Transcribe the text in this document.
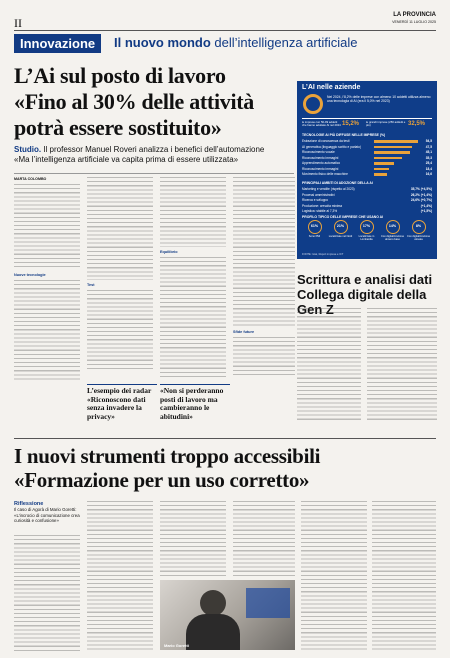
II
LA PROVINCIA
VENERDÌ 11 LUGLIO 2025
Innovazione	Il nuovo mondo dell’intelligenza artificiale
L’Ai sul posto di lavoro
«Fino al 30% delle attività
potrà essere sostituito»
Studio. Il professor Manuel Roveri analizza i benefici dell’automazione
«Ma l’intelligenza artificiale va capita prima di essere utilizzata»
MARTA COLOMBO
Nuove tecnologie
Test
Equilibrio
Sfide future
L’esempio dei radar «Riconoscono dati senza invadere la privacy»
«Non si perderanno posti di lavoro ma cambieranno le abitudini»
L’AI nelle aziende
Nel 2024, l’8,2% delle imprese con almeno 10 addetti utilizza almeno una tecnologia di AI (era il 5,0% nel 2023)
le imprese con 50-99 addetti che hanno adottato AI nel 2024 15,2% le grandi imprese (250 addetti e più)	32,5%
TECNOLOGIE AI PIÙ DIFFUSE NELLE IMPRESE (%)
Estrazione di conoscenza da testi	54,5
AI generativa (linguaggio scritto e parlato)	47,5
Riconoscimento vocale	45,1
Riconoscimento immagini	35,3
Apprendimento automatico	25,4
Riconoscimento immagini	18,4
Movimento fisico delle macchine	16,6
PRINCIPALI AMBITI DI ADOZIONE DELLA AI
Marketing e vendite (rispetto al 2023)	35,7% (+4,5%)
Processi amministrativi	26,2% (+1,4%)
Ricerca e sviluppo	24,6% (+0,7%)
Produzione: crescita minima	(+1,4%)
Logistica: stabile al 7,3%	(+1,5%)
PROFILO TIPICO DELLE IMPRESE CHE USANO AI
61%
Sono PMI
21%
Localizzate nel Nord
17%
Localizzate in Lombardia
14%
Con digitalizzazione almeno base
8%
Con digitalizzazione elevata
FONTE: Istat, Report imprese e ICT
Scrittura e analisi dati
Collega digitale della Gen Z
I nuovi strumenti troppo accessibili
«Formazione per un uso corretto»
Riflessione
Il caso di Agorà di Mario Goretti: «L’incrocio di comunicazione crea curiosità e confusione»
Mario Goretti
